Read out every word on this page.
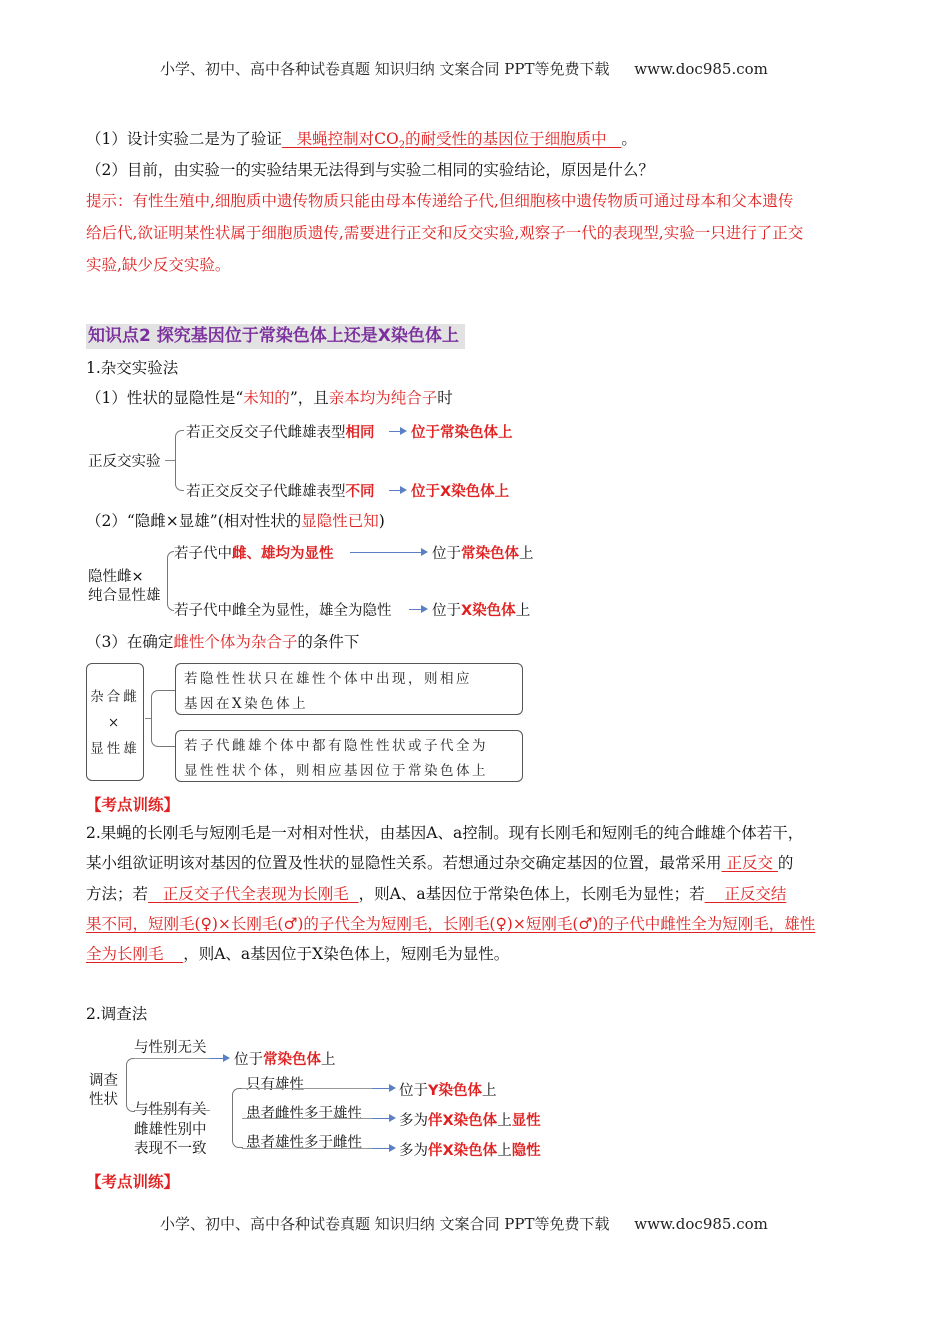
小学、初中、高中各种试卷真题 知识归纳 文案合同 PPT等免费下载 www.doc985.com
（1）设计实验二是为了验证 果蝇控制对$CO_2$的耐受性的基因位于细胞质中 。
（2）目前，由实验一的实验结果无法得到与实验二相同的实验结论，原因是什么？
提示：有性生殖中,细胞质中遗传物质只能由母本传递给子代,但细胞核中遗传物质可通过母本和父本遗传
给后代,欲证明某性状属于细胞质遗传,需要进行正交和反交实验,观察子一代的表现型,实验一只进行了正交
实验,缺少反交实验。
知识点2 探究基因位于常染色体上还是X染色体上
1.杂交实验法
（1）性状的显隐性是“未知的”，且亲本均为纯合子时
正反交实验
若正交反交子代雌雄表型相同	位于常染色体上
若正交反交子代雌雄表型不同	位于X染色体上
（2）“隐雌×显雄”(相对性状的显隐性已知)
隐性雌×
纯合显性雄
若子代中雌、雄均为显性	位于常染色体上
若子代中雌全为显性，雄全为隐性	位于X染色体上
（3）在确定雌性个体为杂合子的条件下
杂合雌
×
显性雄
若隐性性状只在雄性个体中出现，则相应
基因在X染色体上
若子代雌雄个体中都有隐性性状或子代全为
显性性状个体，则相应基因位于常染色体上
【考点训练】
2.果蝇的长刚毛与短刚毛是一对相对性状，由基因A、a控制。现有长刚毛和短刚毛的纯合雌雄个体若干，
某小组欲证明该对基因的位置及性状的显隐性关系。若想通过杂交确定基因的位置，最常采用 正反交 的
方法；若 正反交子代全表现为长刚毛 ，则A、a基因位于常染色体上，长刚毛为显性；若 正反交结
果不同，短刚毛(♀)×长刚毛(♂)的子代全为短刚毛，长刚毛(♀)×短刚毛(♂)的子代中雌性全为短刚毛，雄性
全为长刚毛 ，则A、a基因位于X染色体上，短刚毛为显性。
2.调查法
调查
性状
与性别无关
位于常染色体上
与性别有关
雌雄性别中
表现不一致
只有雄性	位于Y染色体上
患者雌性多于雄性	多为伴X染色体上显性
患者雄性多于雌性	多为伴X染色体上隐性
【考点训练】
小学、初中、高中各种试卷真题 知识归纳 文案合同 PPT等免费下载 www.doc985.com
